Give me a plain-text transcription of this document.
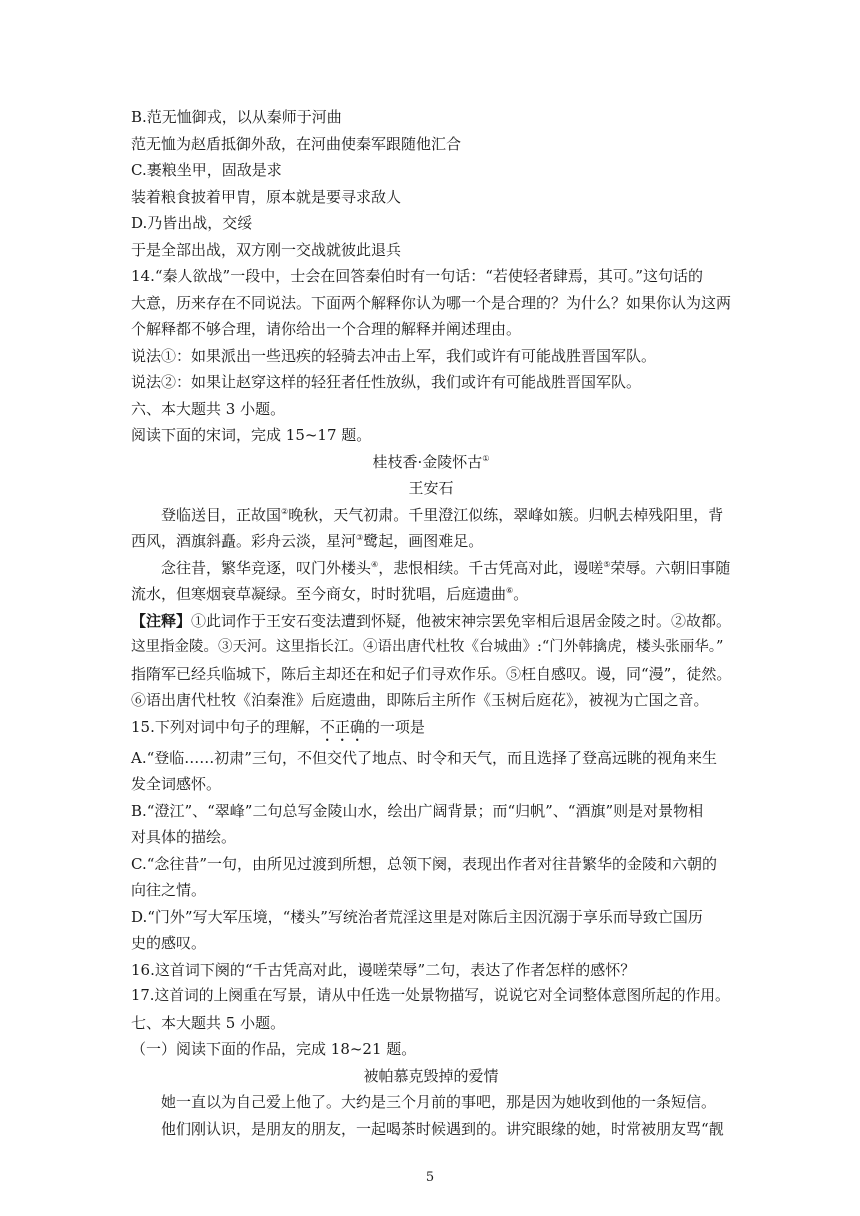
B.范无恤御戎，以从秦师于河曲
范无恤为赵盾抵御外敌，在河曲使秦军跟随他汇合
C.裹粮坐甲，固敌是求
装着粮食披着甲胄，原本就是要寻求敌人
D.乃皆出战，交绥
于是全部出战，双方刚一交战就彼此退兵
14.“秦人欲战”一段中，士会在回答秦伯时有一句话：“若使轻者肆焉，其可。”这句话的
大意，历来存在不同说法。下面两个解释你认为哪一个是合理的？为什么？如果你认为这两
个解释都不够合理，请你给出一个合理的解释并阐述理由。
说法①：如果派出一些迅疾的轻骑去冲击上军，我们或许有可能战胜晋国军队。
说法②：如果让赵穿这样的轻狂者任性放纵，我们或许有可能战胜晋国军队。
六、本大题共 3 小题。
阅读下面的宋词，完成 15~17 题。
桂枝香·金陵怀古①
王安石
登临送目，正故国②晚秋，天气初肃。千里澄江似练，翠峰如簇。归帆去棹残阳里，背
西风，酒旗斜矗。彩舟云淡，星河③鹭起，画图难足。
念往昔，繁华竞逐，叹门外楼头④，悲恨相续。千古凭高对此，谩嗟⑤荣辱。六朝旧事随
流水，但寒烟衰草凝绿。至今商女，时时犹唱，后庭遗曲⑥。
【注释】①此词作于王安石变法遭到怀疑，他被宋神宗罢免宰相后退居金陵之时。②故都。
这里指金陵。③天河。这里指长江。④语出唐代杜牧《台城曲》:“门外韩擒虎，楼头张丽华。”
指隋军已经兵临城下，陈后主却还在和妃子们寻欢作乐。⑤枉自感叹。谩，同“漫”，徒然。
⑥语出唐代杜牧《泊秦淮》后庭遗曲，即陈后主所作《玉树后庭花》，被视为亡国之音。
15.下列对词中句子的理解，不正确的一项是
A.“登临……初肃”三句，不但交代了地点、时令和天气，而且选择了登高远眺的视角来生
发全词感怀。
B.“澄江”、“翠峰”二句总写金陵山水，绘出广阔背景；而“归帆”、“酒旗”则是对景物相
对具体的描绘。
C.“念往昔”一句，由所见过渡到所想，总领下阕，表现出作者对往昔繁华的金陵和六朝的
向往之情。
D.“门外”写大军压境，“楼头”写统治者荒淫这里是对陈后主因沉溺于享乐而导致亡国历
史的感叹。
16.这首词下阕的“千古凭高对此，谩嗟荣辱”二句，表达了作者怎样的感怀？
17.这首词的上阕重在写景，请从中任选一处景物描写，说说它对全词整体意图所起的作用。
七、本大题共 5 小题。
（一）阅读下面的作品，完成 18~21 题。
被帕慕克毁掉的爱情
她一直以为自己爱上他了。大约是三个月前的事吧，那是因为她收到他的一条短信。
他们刚认识，是朋友的朋友，一起喝茶时候遇到的。讲究眼缘的她，时常被朋友骂“靓
5
